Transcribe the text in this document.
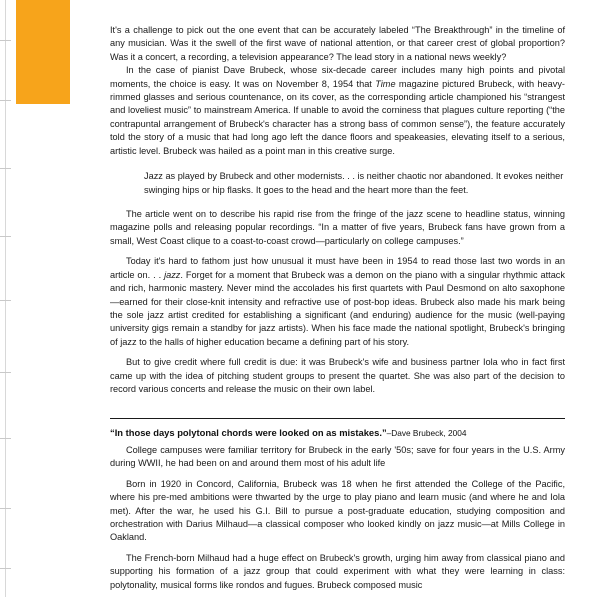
It's a challenge to pick out the one event that can be accurately labeled “The Breakthrough” in the timeline of any musician. Was it the swell of the first wave of national attention, or that career crest of global proportion? Was it a concert, a recording, a television appearance? The lead story in a national news weekly?

In the case of pianist Dave Brubeck, whose six-decade career includes many high points and pivotal moments, the choice is easy. It was on November 8, 1954 that Time magazine pictured Brubeck, with heavy-rimmed glasses and serious countenance, on its cover, as the corresponding article championed his “strangest and loveliest music” to mainstream America. If unable to avoid the corniness that plagues culture reporting (“the contrapuntal arrangement of Brubeck's character has a strong bass of common sense”), the feature accurately told the story of a music that had long ago left the dance floors and speakeasies, elevating itself to a serious, artistic level. Brubeck was hailed as a point man in this creative surge.

Jazz as played by Brubeck and other modernists. . . is neither chaotic nor abandoned. It evokes neither swinging hips or hip flasks. It goes to the head and the heart more than the feet.

The article went on to describe his rapid rise from the fringe of the jazz scene to headline status, winning magazine polls and releasing popular recordings. “In a matter of five years, Brubeck fans have grown from a small, West Coast clique to a coast-to-coast crowd—particularly on college campuses.”

Today it's hard to fathom just how unusual it must have been in 1954 to read those last two words in an article on. . . jazz. Forget for a moment that Brubeck was a demon on the piano with a singular rhythmic attack and rich, harmonic mastery. Never mind the accolades his first quartets with Paul Desmond on alto saxophone—earned for their close-knit intensity and refractive use of post-bop ideas. Brubeck also made his mark being the sole jazz artist credited for establishing a significant (and enduring) audience for the music (well-paying university gigs remain a standby for jazz artists). When his face made the national spotlight, Brubeck's bringing of jazz to the halls of higher education became a defining part of his story.

But to give credit where full credit is due: it was Brubeck's wife and business partner Iola who in fact first came up with the idea of pitching student groups to present the quartet. She was also part of the decision to record various concerts and release the music on their own label.

“In those days polytonal chords were looked on as mistakes.”–Dave Brubeck, 2004

College campuses were familiar territory for Brubeck in the early '50s; save for four years in the U.S. Army during WWII, he had been on and around them most of his adult life

Born in 1920 in Concord, California, Brubeck was 18 when he first attended the College of the Pacific, where his pre-med ambitions were thwarted by the urge to play piano and learn music (and where he and Iola met). After the war, he used his G.I. Bill to pursue a post-graduate education, studying composition and orchestration with Darius Milhaud—a classical composer who looked kindly on jazz music—at Mills College in Oakland.

The French-born Milhaud had a huge effect on Brubeck's growth, urging him away from classical piano and supporting his formation of a jazz group that could experiment with what they were learning in class: polytonality, musical forms like rondos and fugues. Brubeck composed music
